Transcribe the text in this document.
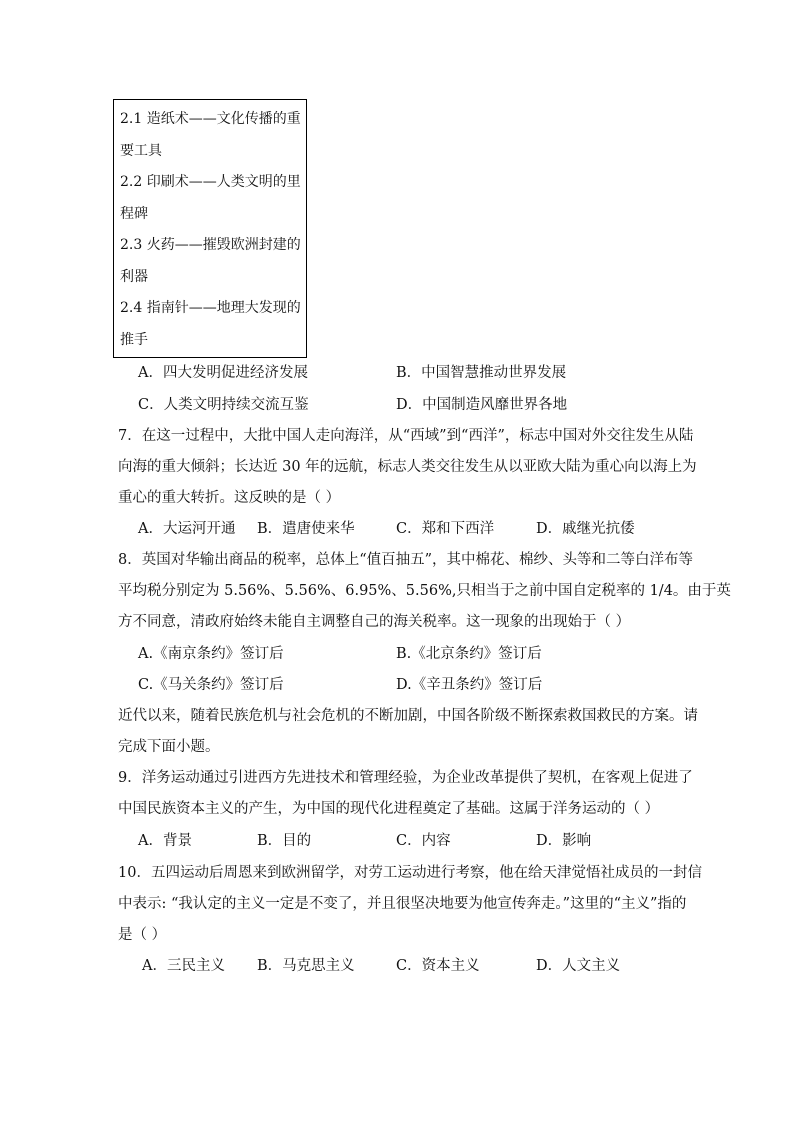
2.1 造纸术——文化传播的重
要工具
2.2 印刷术——人类文明的里
程碑
2.3 火药——摧毁欧洲封建的
利器
2.4 指南针——地理大发现的
推手
A．四大发明促进经济发展	B．中国智慧推动世界发展
C．人类文明持续交流互鉴	D．中国制造风靡世界各地
7．在这一过程中，大批中国人走向海洋，从“西域”到“西洋”，标志中国对外交往发生从陆
向海的重大倾斜；长达近 30 年的远航，标志人类交往发生从以亚欧大陆为重心向以海上为
重心的重大转折。这反映的是（ ）
A．大运河开通 B．遣唐使来华	C．郑和下西洋	D．戚继光抗倭
8．英国对华输出商品的税率，总体上“值百抽五”，其中棉花、棉纱、头等和二等白洋布等
平均税分别定为 5.56%、5.56%、6.95%、5.56%,只相当于之前中国自定税率的 1/4。由于英
方不同意，清政府始终未能自主调整自己的海关税率。这一现象的出现始于（ ）
A.《南京条约》签订后	B.《北京条约》签订后
C.《马关条约》签订后	D.《辛丑条约》签订后
近代以来，随着民族危机与社会危机的不断加剧，中国各阶级不断探索救国救民的方案。请
完成下面小题。
9．洋务运动通过引进西方先进技术和管理经验，为企业改革提供了契机，在客观上促进了
中国民族资本主义的产生，为中国的现代化进程奠定了基础。这属于洋务运动的（ ）
A．背景	B．目的	C．内容	D．影响
10．五四运动后周恩来到欧洲留学，对劳工运动进行考察，他在给天津觉悟社成员的一封信
中表示: “我认定的主义一定是不变了，并且很坚决地要为他宣传奔走。”这里的“主义”指的
是（ ）
A．三民主义 B．马克思主义	C．资本主义	D．人文主义
